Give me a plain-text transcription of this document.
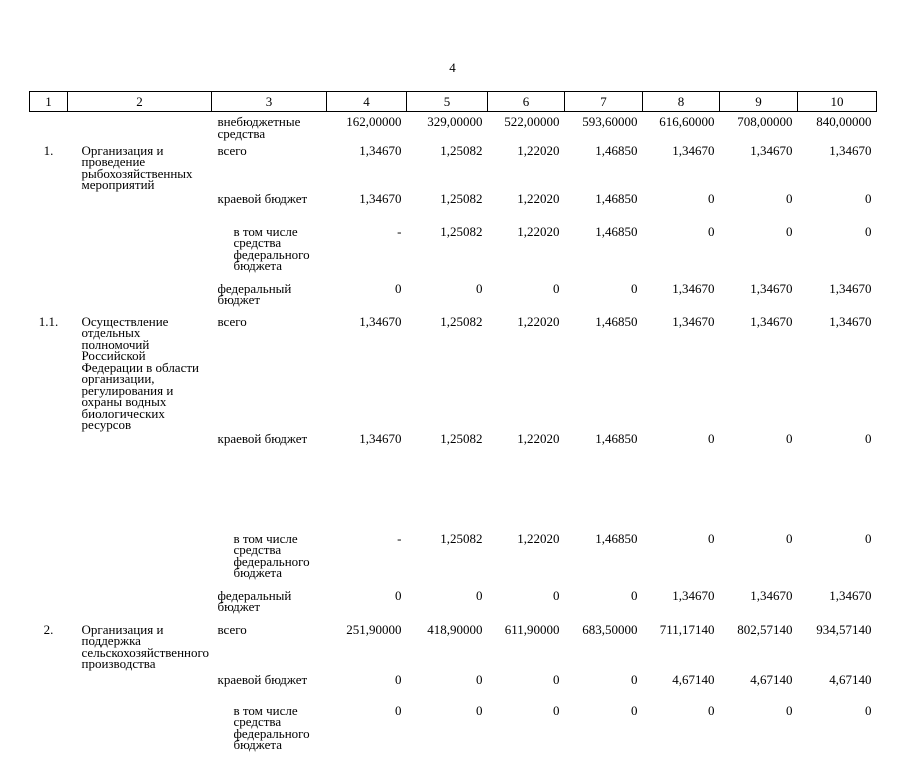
4
1	2	3	4	5	6	7	8	9	10
		внебюджетные средства	162,00000	329,00000	522,00000	593,60000	616,60000	708,00000	840,00000
1.	Организация и проведение рыбохозяйственных мероприятий	всего	1,34670	1,25082	1,22020	1,46850	1,34670	1,34670	1,34670
		краевой бюджет	1,34670	1,25082	1,22020	1,46850	0	0	0
		в том числе средства федерального бюджета	-	1,25082	1,22020	1,46850	0	0	0
		федеральный бюджет	0	0	0	0	1,34670	1,34670	1,34670
1.1.	Осуществление отдельных полномочий Российской Федерации в области организации, регулирования и охраны водных биологических ресурсов	всего	1,34670	1,25082	1,22020	1,46850	1,34670	1,34670	1,34670
		краевой бюджет	1,34670	1,25082	1,22020	1,46850	0	0	0
		в том числе средства федерального бюджета	-	1,25082	1,22020	1,46850	0	0	0
		федеральный бюджет	0	0	0	0	1,34670	1,34670	1,34670
2.	Организация и поддержка сельскохозяйственного производства	всего	251,90000	418,90000	611,90000	683,50000	711,17140	802,57140	934,57140
		краевой бюджет	0	0	0	0	4,67140	4,67140	4,67140
		в том числе средства федерального бюджета	0	0	0	0	0	0	0
